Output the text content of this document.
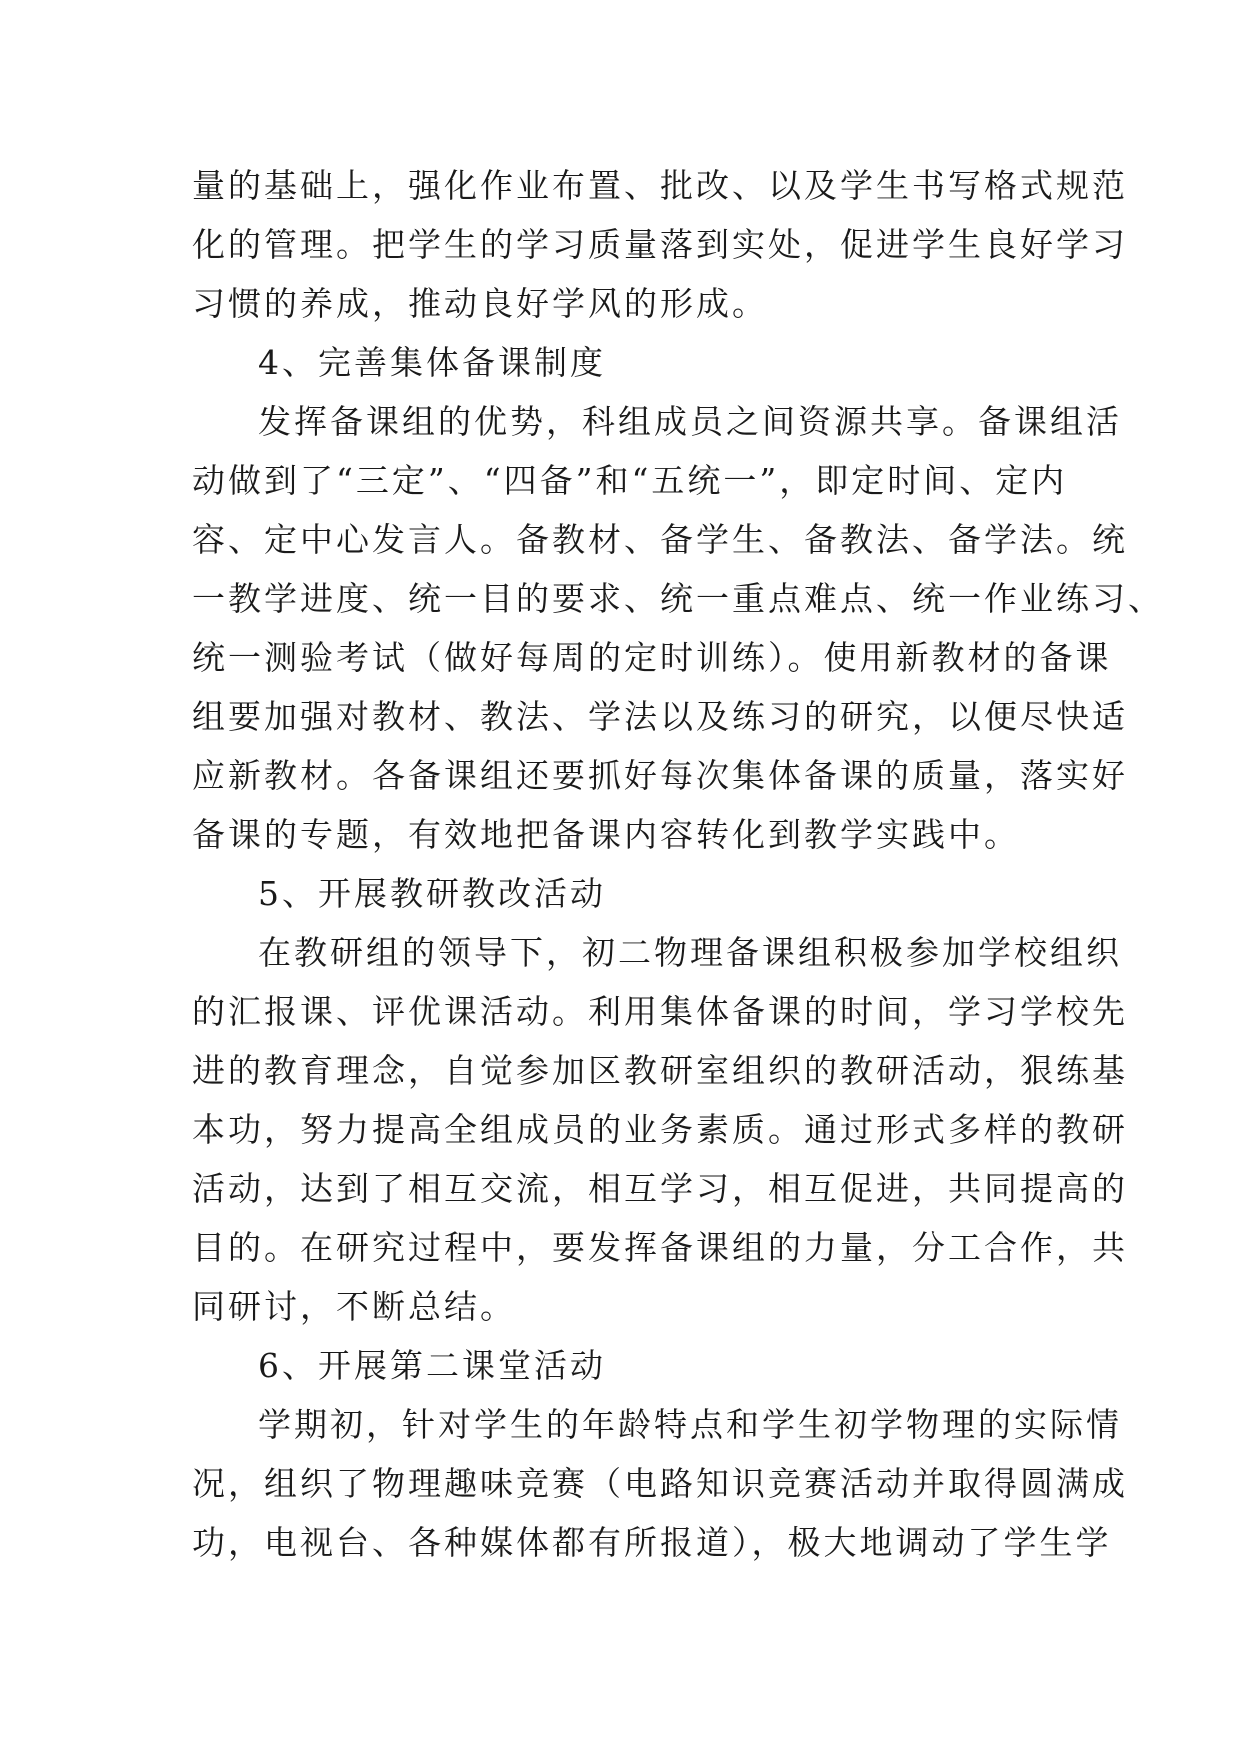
量的基础上，强化作业布置、批改、以及学生书写格式规范
化的管理。把学生的学习质量落到实处，促进学生良好学习
习惯的养成，推动良好学风的形成。
4、完善集体备课制度
发挥备课组的优势，科组成员之间资源共享。备课组活
动做到了“三定”、“四备”和“五统一”，即定时间、定内
容、定中心发言人。备教材、备学生、备教法、备学法。统
一教学进度、统一目的要求、统一重点难点、统一作业练习、
统一测验考试（做好每周的定时训练）。使用新教材的备课
组要加强对教材、教法、学法以及练习的研究，以便尽快适
应新教材。各备课组还要抓好每次集体备课的质量，落实好
备课的专题，有效地把备课内容转化到教学实践中。
5、开展教研教改活动
在教研组的领导下，初二物理备课组积极参加学校组织
的汇报课、评优课活动。利用集体备课的时间，学习学校先
进的教育理念，自觉参加区教研室组织的教研活动，狠练基
本功，努力提高全组成员的业务素质。通过形式多样的教研
活动，达到了相互交流，相互学习，相互促进，共同提高的
目的。在研究过程中，要发挥备课组的力量，分工合作，共
同研讨，不断总结。
6、开展第二课堂活动
学期初，针对学生的年龄特点和学生初学物理的实际情
况，组织了物理趣味竞赛（电路知识竞赛活动并取得圆满成
功，电视台、各种媒体都有所报道），极大地调动了学生学
